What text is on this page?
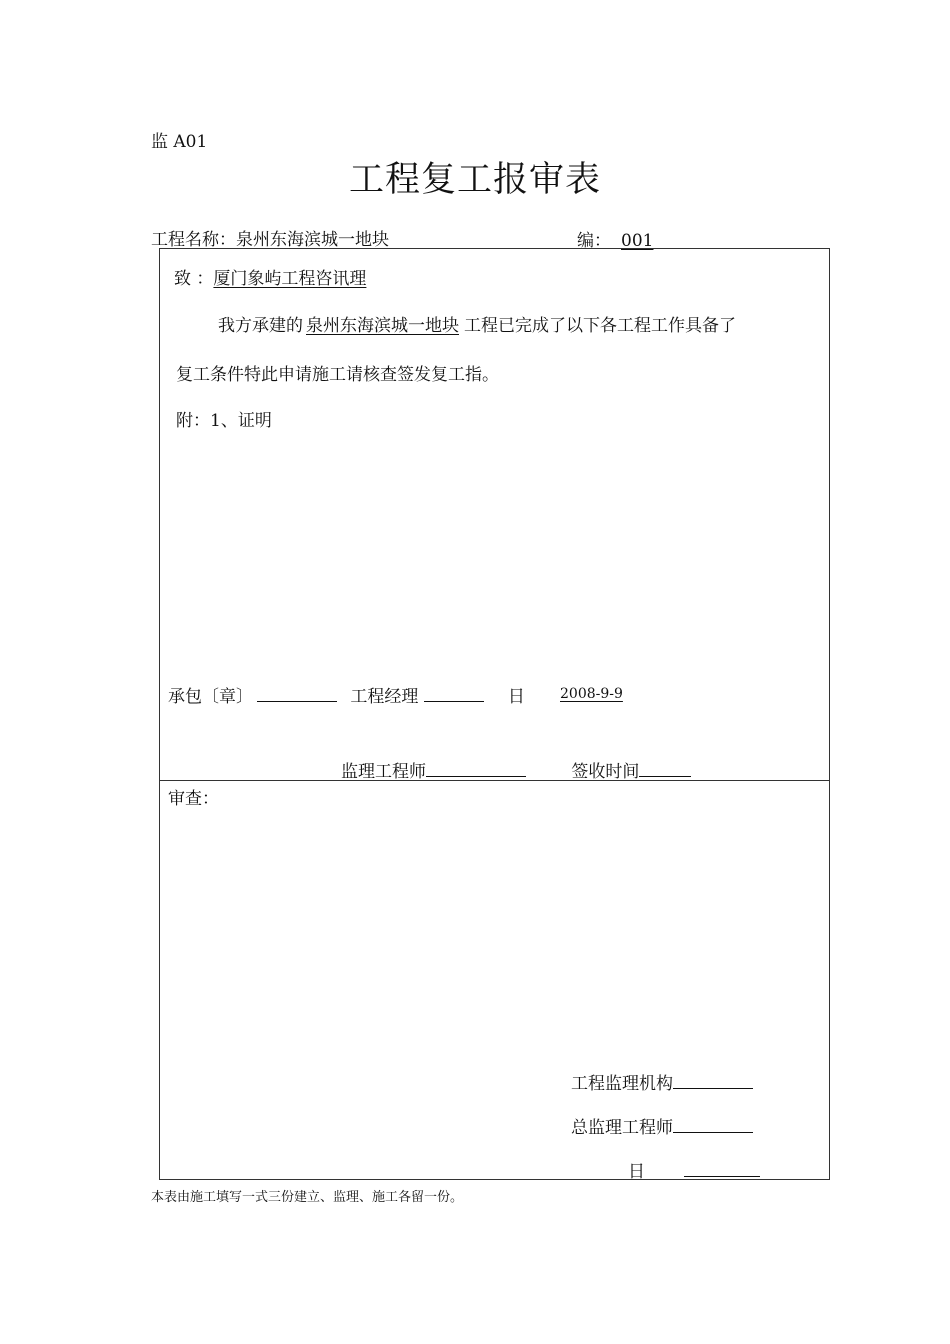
监 A01
工程复工报审表
工程名称：泉州东海滨城一地块	编： 001
致 ：厦门象屿工程咨讯理
我方承建的 泉州东海滨城一地块 工程已完成了以下各工程工作具备了
复工条件特此申请施工请核查签发复工指。
附：1、证明
承包〔章〕	工程经理	日	2008-9-9
监理工程师	签收时间
审查：
工程监理机构
总监理工程师
日
本表由施工填写一式三份建立、监理、施工各留一份。
